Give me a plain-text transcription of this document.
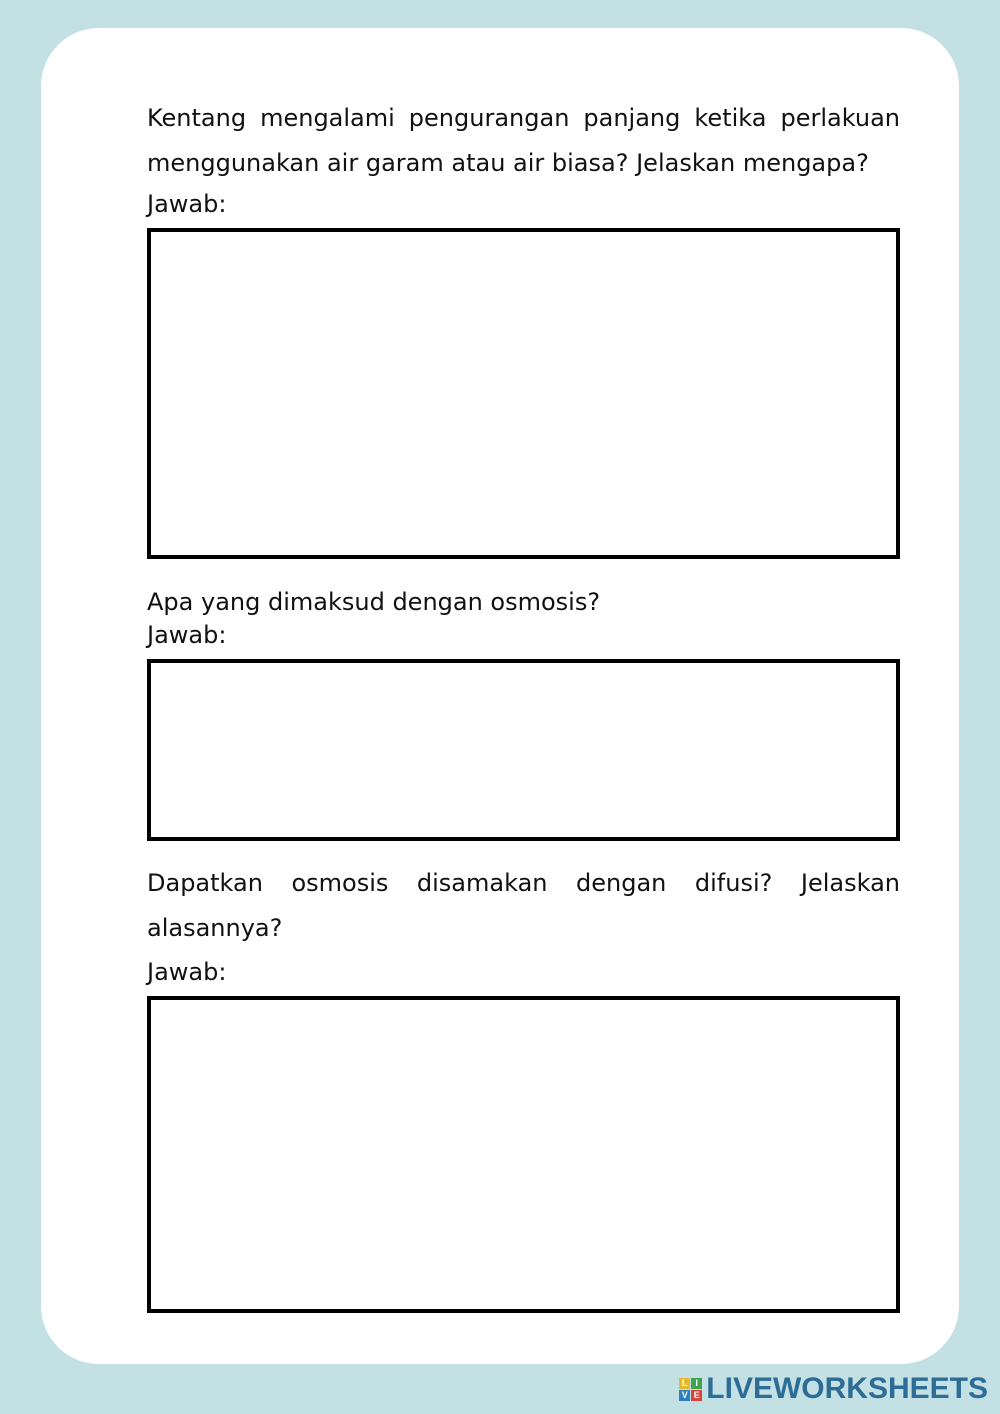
Kentang mengalami pengurangan panjang ketika perlakuan menggunakan air garam atau air biasa? Jelaskan mengapa?

Jawab:

Apa yang dimaksud dengan osmosis?

Jawab:

Dapatkan osmosis disamakan dengan difusi? Jelaskan alasannya?

Jawab:

L I
V E LIVEWORKSHEETS
